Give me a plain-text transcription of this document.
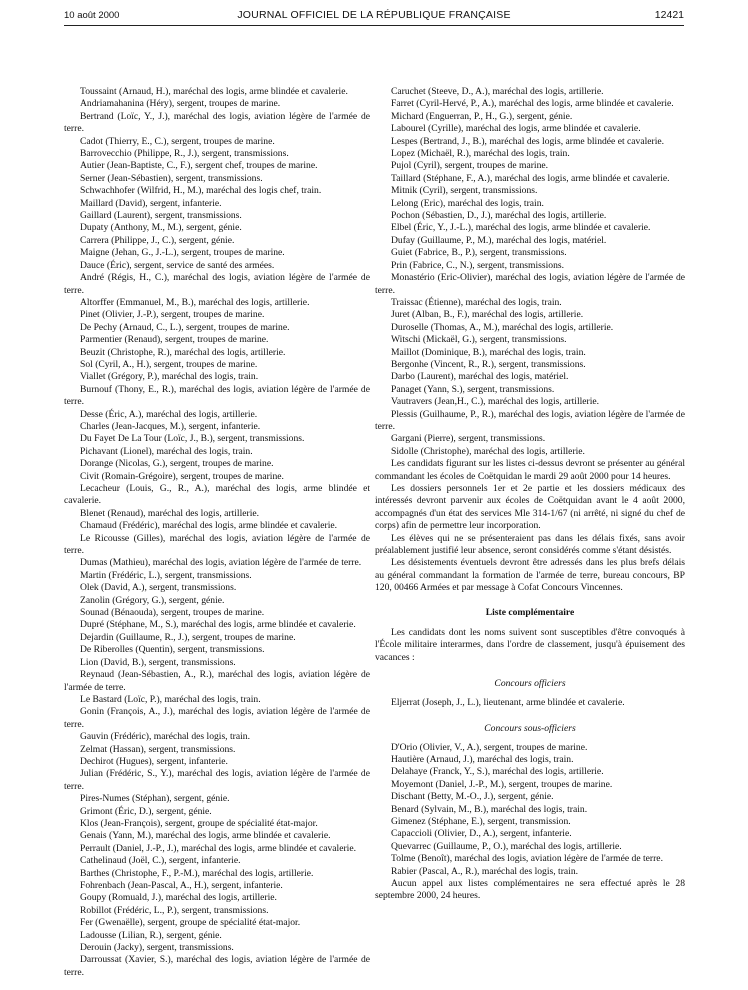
10 août 2000	JOURNAL OFFICIEL DE LA RÉPUBLIQUE FRANÇAISE	12421

Toussaint (Arnaud, H.), maréchal des logis, arme blindée et cavalerie.

Andriamahanina (Héry), sergent, troupes de marine.

Bertrand (Loïc, Y., J.), maréchal des logis, aviation légère de l'armée de terre.

Cadot (Thierry, E., C.), sergent, troupes de marine.

Barrovecchio (Philippe, R., J.), sergent, transmissions.

Autier (Jean-Baptiste, C., F.), sergent chef, troupes de marine.

Serner (Jean-Sébastien), sergent, transmissions.

Schwachhofer (Wilfrid, H., M.), maréchal des logis chef, train.

Maillard (David), sergent, infanterie.

Gaillard (Laurent), sergent, transmissions.

Dupaty (Anthony, M., M.), sergent, génie.

Carrera (Philippe, J., C.), sergent, génie.

Maigne (Jehan, G., J.-L.), sergent, troupes de marine.

Dauce (Éric), sergent, service de santé des armées.

André (Régis, H., C.), maréchal des logis, aviation légère de l'armée de terre.

Altorffer (Emmanuel, M., B.), maréchal des logis, artillerie.

Pinet (Olivier, J.-P.), sergent, troupes de marine.

De Pechy (Arnaud, C., L.), sergent, troupes de marine.

Parmentier (Renaud), sergent, troupes de marine.

Beuzit (Christophe, R.), maréchal des logis, artillerie.

Sol (Cyril, A., H.), sergent, troupes de marine.

Viallet (Grégory, P.), maréchal des logis, train.

Burnouf (Thony, E., R.), maréchal des logis, aviation légère de l'armée de terre.

Desse (Éric, A.), maréchal des logis, artillerie.

Charles (Jean-Jacques, M.), sergent, infanterie.

Du Fayet De La Tour (Loïc, J., B.), sergent, transmissions.

Pichavant (Lionel), maréchal des logis, train.

Dorange (Nicolas, G.), sergent, troupes de marine.

Civit (Romain-Grégoire), sergent, troupes de marine.

Lecacheur (Louis, G., R., A.), maréchal des logis, arme blindée et cavalerie.

Blenet (Renaud), maréchal des logis, artillerie.

Chamaud (Frédéric), maréchal des logis, arme blindée et cavalerie.

Le Ricousse (Gilles), maréchal des logis, aviation légère de l'armée de terre.

Dumas (Mathieu), maréchal des logis, aviation légère de l'armée de terre.

Martin (Frédéric, L.), sergent, transmissions.

Olek (David, A.), sergent, transmissions.

Zanolin (Grégory, G.), sergent, génie.

Sounad (Bénaouda), sergent, troupes de marine.

Dupré (Stéphane, M., S.), maréchal des logis, arme blindée et cavalerie.

Dejardin (Guillaume, R., J.), sergent, troupes de marine.

De Riberolles (Quentin), sergent, transmissions.

Lion (David, B.), sergent, transmissions.

Reynaud (Jean-Sébastien, A., R.), maréchal des logis, aviation légère de l'armée de terre.

Le Bastard (Loïc, P.), maréchal des logis, train.

Gonin (François, A., J.), maréchal des logis, aviation légère de l'armée de terre.

Gauvin (Frédéric), maréchal des logis, train.

Zelmat (Hassan), sergent, transmissions.

Dechirot (Hugues), sergent, infanterie.

Julian (Frédéric, S., Y.), maréchal des logis, aviation légère de l'armée de terre.

Pires-Numes (Stéphan), sergent, génie.

Grimont (Éric, D.), sergent, génie.

Klos (Jean-François), sergent, groupe de spécialité état-major.

Genais (Yann, M.), maréchal des logis, arme blindée et cavalerie.

Perrault (Daniel, J.-P., J.), maréchal des logis, arme blindée et cavalerie.

Cathelinaud (Joël, C.), sergent, infanterie.

Barthes (Christophe, F., P.-M.), maréchal des logis, artillerie.

Fohrenbach (Jean-Pascal, A., H.), sergent, infanterie.

Goupy (Romuald, J.), maréchal des logis, artillerie.

Robillot (Frédéric, L., P.), sergent, transmissions.

Fer (Gwenaëlle), sergent, groupe de spécialité état-major.

Ladousse (Lilian, R.), sergent, génie.

Derouin (Jacky), sergent, transmissions.

Darroussat (Xavier, S.), maréchal des logis, aviation légère de l'armée de terre.

Caruchet (Steeve, D., A.), maréchal des logis, artillerie.

Farret (Cyril-Hervé, P., A.), maréchal des logis, arme blindée et cavalerie.

Michard (Enguerran, P., H., G.), sergent, génie.

Labourel (Cyrille), maréchal des logis, arme blindée et cavalerie.

Lespes (Bertrand, J., B.), maréchal des logis, arme blindée et cavalerie.

Lopez (Michaël, R.), maréchal des logis, train.

Pujol (Cyril), sergent, troupes de marine.

Taillard (Stéphane, F., A.), maréchal des logis, arme blindée et cavalerie.

Mitnik (Cyril), sergent, transmissions.

Lelong (Eric), maréchal des logis, train.

Pochon (Sébastien, D., J.), maréchal des logis, artillerie.

Elbel (Éric, Y., J.-L.), maréchal des logis, arme blindée et cavalerie.

Dufay (Guillaume, P., M.), maréchal des logis, matériel.

Guiet (Fabrice, B., P.), sergent, transmissions.

Prin (Fabrice, C., N.), sergent, transmissions.

Monastério (Eric-Olivier), maréchal des logis, aviation légère de l'armée de terre.

Traissac (Étienne), maréchal des logis, train.

Juret (Alban, B., F.), maréchal des logis, artillerie.

Duroselle (Thomas, A., M.), maréchal des logis, artillerie.

Witschi (Mickaël, G.), sergent, transmissions.

Maillot (Dominique, B.), maréchal des logis, train.

Bergonhe (Vincent, R., R.), sergent, transmissions.

Darbo (Laurent), maréchal des logis, matériel.

Panaget (Yann, S.), sergent, transmissions.

Vautravers (Jean,H., C.), maréchal des logis, artillerie.

Plessis (Guilhaume, P., R.), maréchal des logis, aviation légère de l'armée de terre.

Gargani (Pierre), sergent, transmissions.

Sidolle (Christophe), maréchal des logis, artillerie.

Les candidats figurant sur les listes ci-dessus devront se présenter au général commandant les écoles de Coëtquidan le mardi 29 août 2000 pour 14 heures.

Les dossiers personnels 1er et 2e partie et les dossiers médicaux des intéressés devront parvenir aux écoles de Coëtquidan avant le 4 août 2000, accompagnés d'un état des services Mle 314-1/67 (ni arrêté, ni signé du chef de corps) afin de permettre leur incorporation.

Les élèves qui ne se présenteraient pas dans les délais fixés, sans avoir préalablement justifié leur absence, seront considérés comme s'étant désistés.

Les désistements éventuels devront être adressés dans les plus brefs délais au général commandant la formation de l'armée de terre, bureau concours, BP 120, 00466 Armées et par message à Cofat Concours Vincennes.

Liste complémentaire

Les candidats dont les noms suivent sont susceptibles d'être convoqués à l'École militaire interarmes, dans l'ordre de classement, jusqu'à épuisement des vacances :

Concours officiers

Eljerrat (Joseph, J., L.), lieutenant, arme blindée et cavalerie.

Concours sous-officiers

D'Orio (Olivier, V., A.), sergent, troupes de marine.

Hautière (Arnaud, J.), maréchal des logis, train.

Delahaye (Franck, Y., S.), maréchal des logis, artillerie.

Moyemont (Daniel, J.-P., M.), sergent, troupes de marine.

Dischant (Betty, M.-O., J.), sergent, génie.

Benard (Sylvain, M., B.), maréchal des logis, train.

Gimenez (Stéphane, E.), sergent, transmission.

Capaccioli (Olivier, D., A.), sergent, infanterie.

Quevarrec (Guillaume, P., O.), maréchal des logis, artillerie.

Tolme (Benoît), maréchal des logis, aviation légère de l'armée de terre.

Rabier (Pascal, A., R.), maréchal des logis, train.

Aucun appel aux listes complémentaires ne sera effectué après le 28 septembre 2000, 24 heures.
